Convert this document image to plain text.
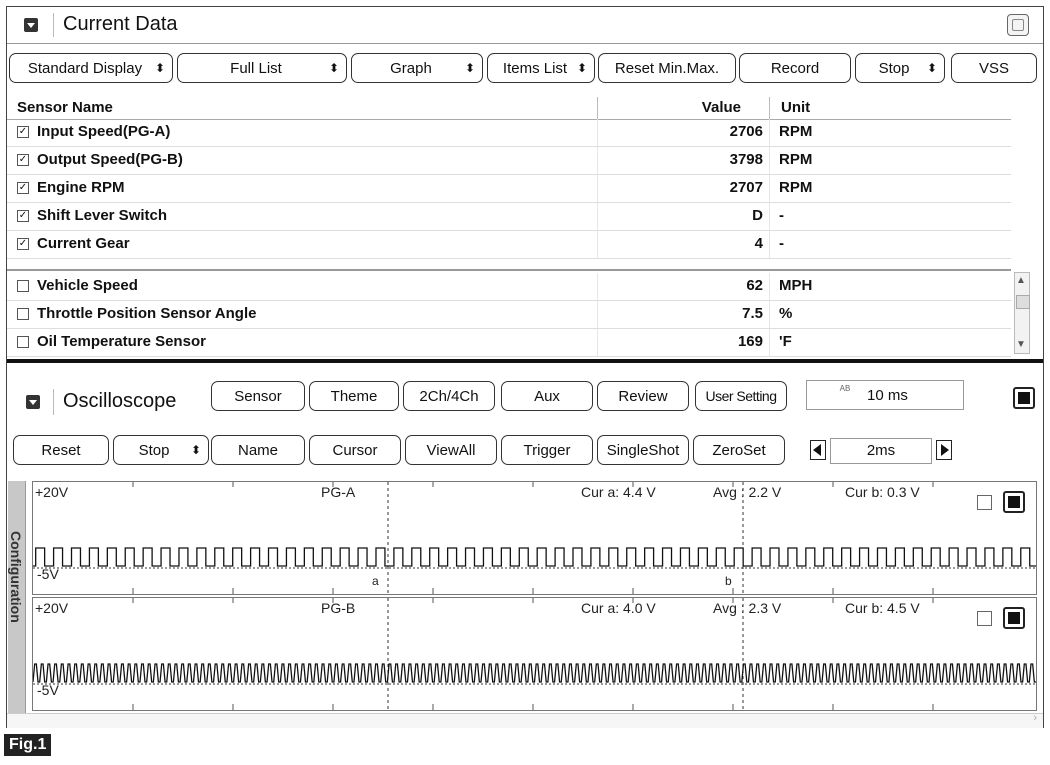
Current Data
Standard Display ⬍	Full List	⬍	Graph	⬍ Items List ⬍ Reset Min.Max.	Record	Stop ⬍	VSS
Sensor Name	Value	Unit
✓ Input Speed(PG-A)	2706 RPM
✓ Output Speed(PG-B)	3798 RPM
✓ Engine RPM	2707 RPM
✓ Shift Lever Switch	D -
✓ Current Gear	4 -
Vehicle Speed	62 MPH
Throttle Position Sensor Angle	7.5 %
Oil Temperature Sensor	169 'F
▲
▼
Oscilloscope	Sensor	Theme	2Ch/4Ch	Aux	Review	User Setting	AB 10 ms
Reset	Stop ⬍ Name	Cursor	ViewAll	Trigger SingleShot ZeroSet	2ms
Configuration
+20V	PG-A	Cur a: 4.4 V	Avg : 2.2 V	Cur b: 0.3 V
-5V	a	b
+20V	PG-B	Cur a: 4.0 V	Avg : 2.3 V	Cur b: 4.5 V
-5V
›
Fig.1
